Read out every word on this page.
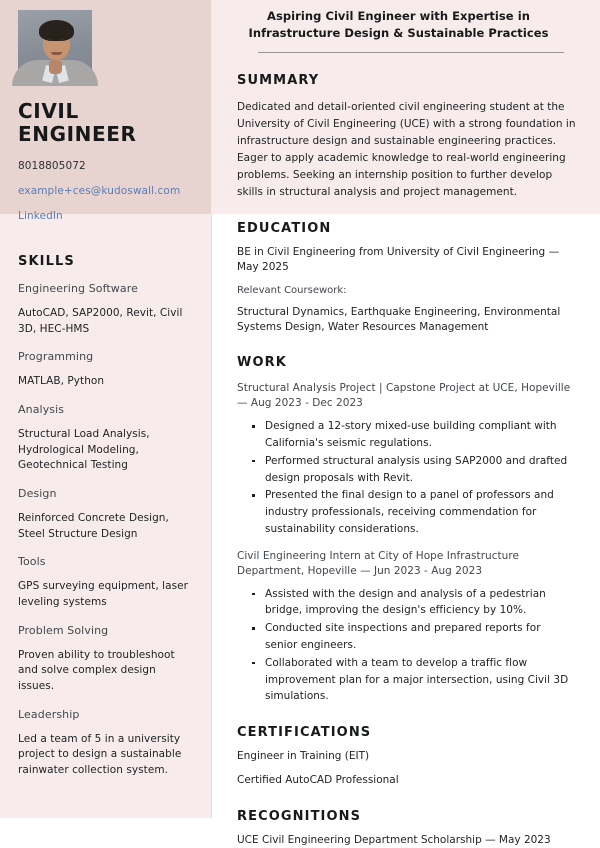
CIVIL ENGINEER
8018805072
example+ces@kudoswall.com
LinkedIn
SKILLS
Engineering Software
AutoCAD, SAP2000, Revit, Civil 3D, HEC-HMS
Programming
MATLAB, Python
Analysis
Structural Load Analysis, Hydrological Modeling, Geotechnical Testing
Design
Reinforced Concrete Design, Steel Structure Design
Tools
GPS surveying equipment, laser leveling systems
Problem Solving
Proven ability to troubleshoot and solve complex design issues.
Leadership
Led a team of 5 in a university project to design a sustainable rainwater collection system.
Aspiring Civil Engineer with Expertise in Infrastructure Design & Sustainable Practices
SUMMARY

Dedicated and detail-oriented civil engineering student at the University of Civil Engineering (UCE) with a strong foundation in infrastructure design and sustainable engineering practices. Eager to apply academic knowledge to real-world engineering problems. Seeking an internship position to further develop skills in structural analysis and project management.

EDUCATION
BE in Civil Engineering from University of Civil Engineering — May 2025
Relevant Coursework:
Structural Dynamics, Earthquake Engineering, Environmental Systems Design, Water Resources Management
WORK
Structural Analysis Project | Capstone Project at UCE, Hopeville — Aug 2023 - Dec 2023
Designed a 12-story mixed-use building compliant with California's seismic regulations.
Performed structural analysis using SAP2000 and drafted design proposals with Revit.
Presented the final design to a panel of professors and industry professionals, receiving commendation for sustainability considerations.
Civil Engineering Intern at City of Hope Infrastructure Department, Hopeville — Jun 2023 - Aug 2023
Assisted with the design and analysis of a pedestrian bridge, improving the design's efficiency by 10%.
Conducted site inspections and prepared reports for senior engineers.
Collaborated with a team to develop a traffic flow improvement plan for a major intersection, using Civil 3D simulations.
CERTIFICATIONS
Engineer in Training (EIT)
Certified AutoCAD Professional
RECOGNITIONS
UCE Civil Engineering Department Scholarship — May 2023
